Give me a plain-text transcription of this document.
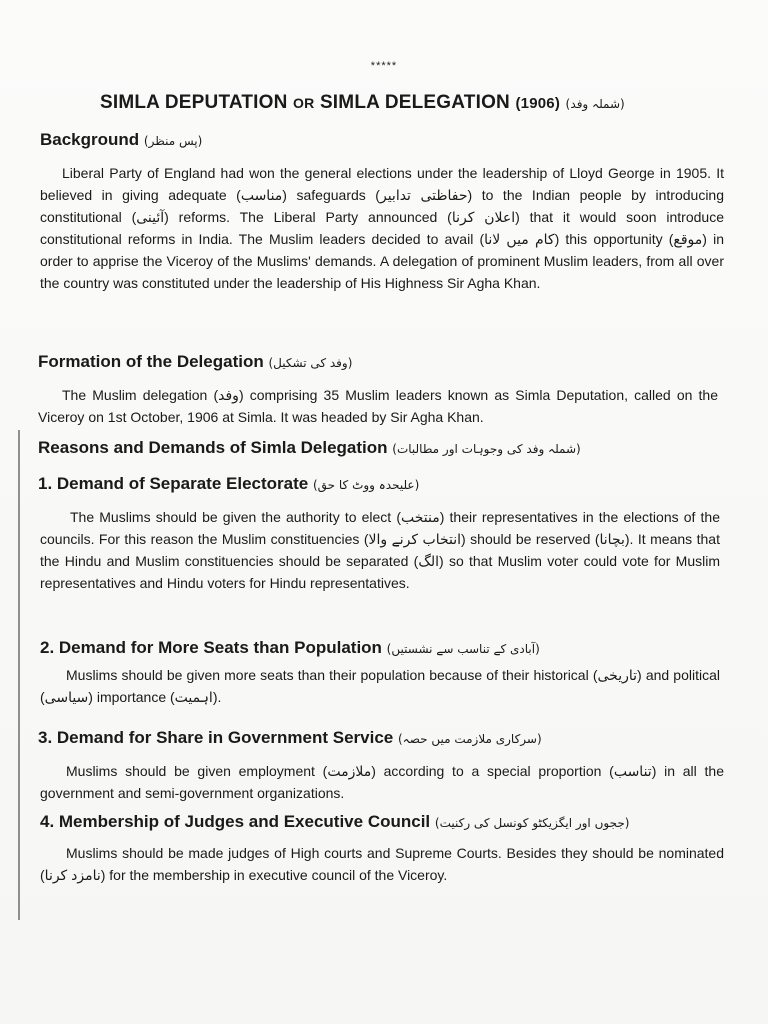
*****
SIMLA DEPUTATION OR SIMLA DELEGATION (1906) (شملہ وفد)
Background (پس منظر)

Liberal Party of England had won the general elections under the leadership of Lloyd George in 1905. It believed in giving adequate (مناسب) safeguards (حفاظتی تدابیر) to the Indian people by introducing constitutional (آئینی) reforms. The Liberal Party announced (اعلان کرنا) that it would soon introduce constitutional reforms in India. The Muslim leaders decided to avail (کام میں لانا) this opportunity (موقع) in order to apprise the Viceroy of the Muslims' demands. A delegation of prominent Muslim leaders, from all over the country was constituted under the leadership of His Highness Sir Agha Khan.

Formation of the Delegation (وفد کی تشکیل)

The Muslim delegation (وفد) comprising 35 Muslim leaders known as Simla Deputation, called on the Viceroy on 1st October, 1906 at Simla. It was headed by Sir Agha Khan.

Reasons and Demands of Simla Delegation (شملہ وفد کی وجوہات اور مطالبات)
1. Demand of Separate Electorate (علیحدہ ووٹ کا حق)

The Muslims should be given the authority to elect (منتخب) their representatives in the elections of the councils. For this reason the Muslim constituencies (انتخاب کرنے والا) should be reserved (بچانا). It means that the Hindu and Muslim constituencies should be separated (الگ) so that Muslim voter could vote for Muslim representatives and Hindu voters for Hindu representatives.

2. Demand for More Seats than Population (آبادی کے تناسب سے نشستیں)

Muslims should be given more seats than their population because of their historical (تاریخی) and political (سیاسی) importance (اہمیت).

3. Demand for Share in Government Service (سرکاری ملازمت میں حصہ)

Muslims should be given employment (ملازمت) according to a special proportion (تناسب) in all the government and semi-government organizations.

4. Membership of Judges and Executive Council (ججوں اور ایگزیکٹو کونسل کی رکنیت)

Muslims should be made judges of High courts and Supreme Courts. Besides they should be nominated (نامزد کرنا) for the membership in executive council of the Viceroy.
